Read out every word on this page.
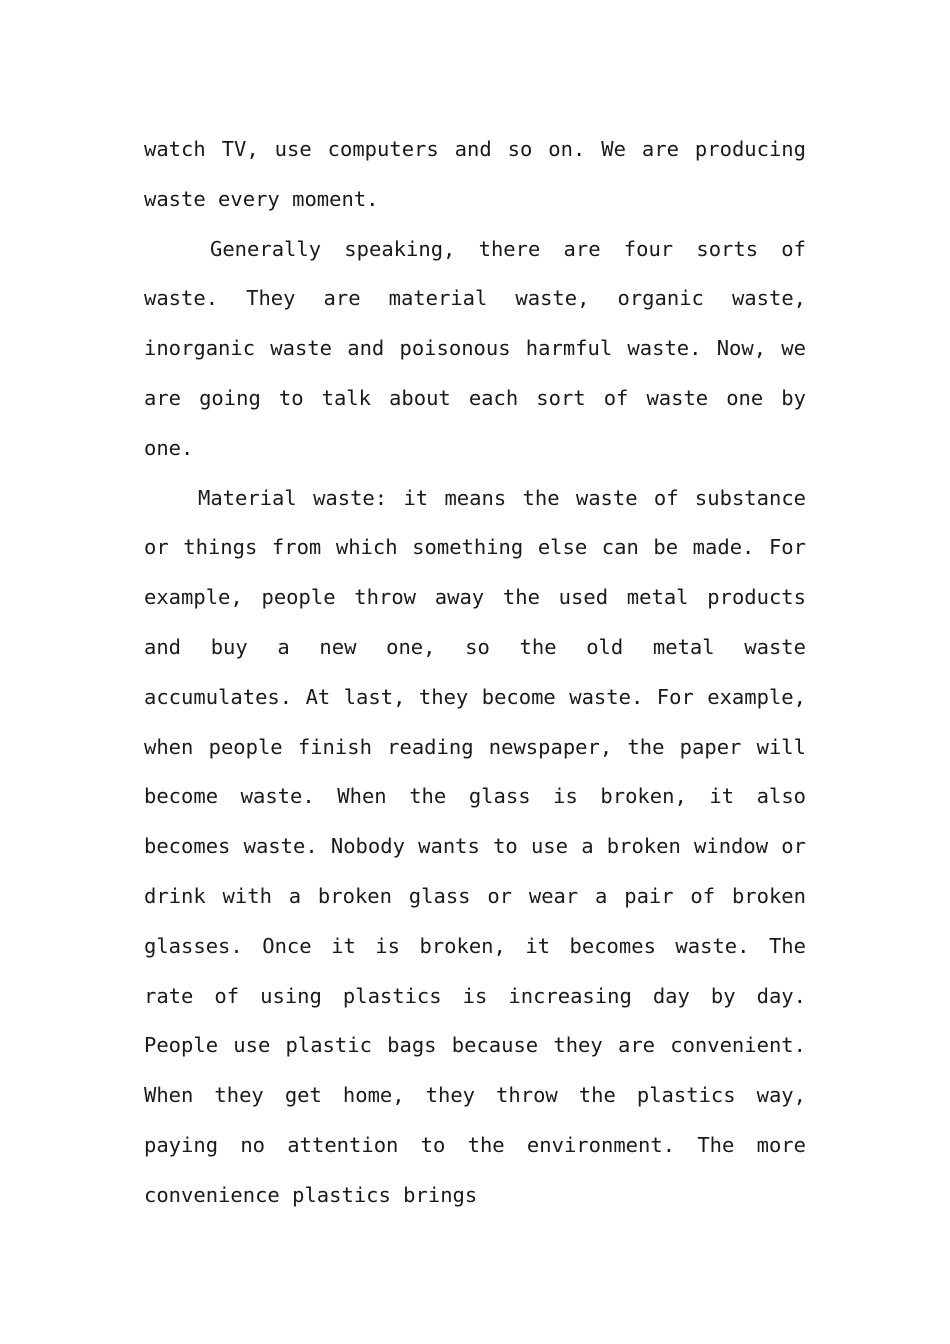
watch TV, use computers and so on. We are producing waste every moment.

Generally speaking, there are four sorts of waste. They are material waste, organic waste, inorganic waste and poisonous harmful waste. Now, we are going to talk about each sort of waste one by one.

Material waste: it means the waste of substance or things from which something else can be made. For example, people throw away the used metal products and buy a new one, so the old metal waste accumulates. At last, they become waste. For example, when people finish reading newspaper, the paper will become waste. When the glass is broken, it also becomes waste. Nobody wants to use a broken window or drink with a broken glass or wear a pair of broken glasses. Once it is broken, it becomes waste. The rate of using plastics is increasing day by day. People use plastic bags because they are convenient. When they get home, they throw the plastics way, paying no attention to the environment. The more convenience plastics brings
